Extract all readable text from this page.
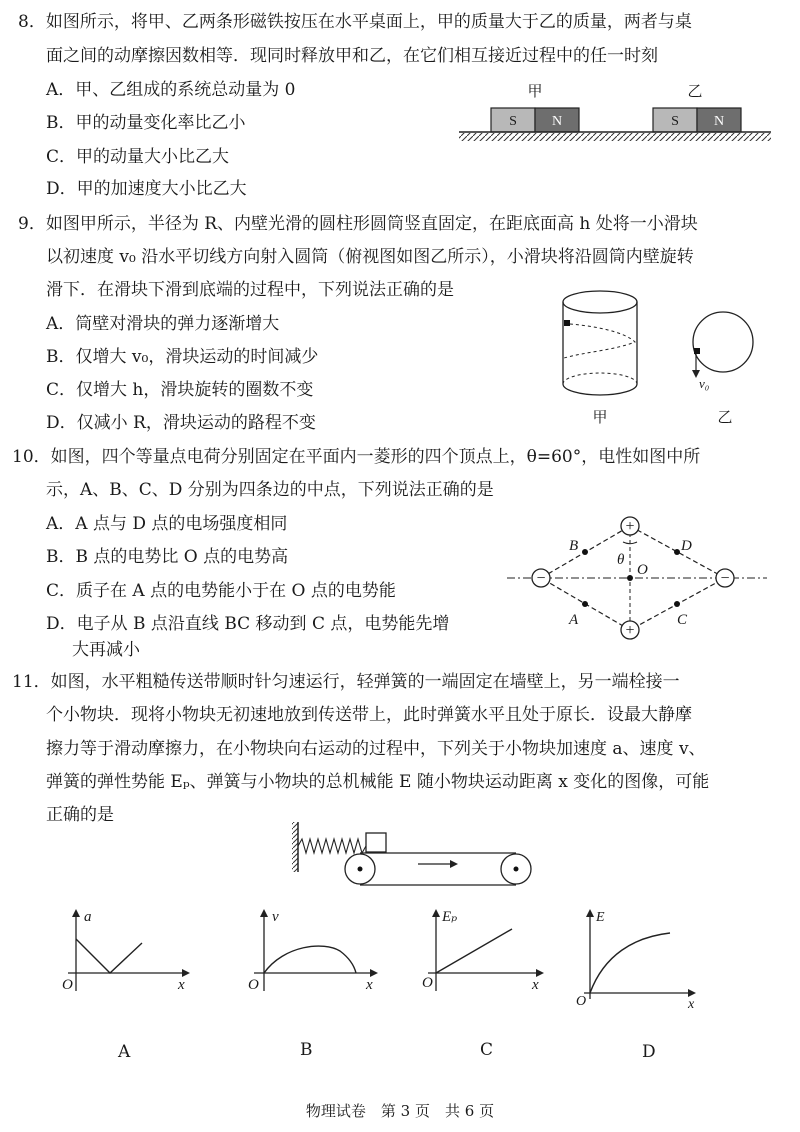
8．如图所示，将甲、乙两条形磁铁按压在水平桌面上，甲的质量大于乙的质量，两者与桌
面之间的动摩擦因数相等．现同时释放甲和乙，在它们相互接近过程中的任一时刻
A．甲、乙组成的系统总动量为 0
B．甲的动量变化率比乙小
C．甲的动量大小比乙大
D．甲的加速度大小比乙大
甲	乙
S	N	S	N
9．如图甲所示，半径为 R、内壁光滑的圆柱形圆筒竖直固定，在距底面高 h 处将一小滑块
以初速度 v₀ 沿水平切线方向射入圆筒（俯视图如图乙所示），小滑块将沿圆筒内壁旋转
滑下．在滑块下滑到底端的过程中，下列说法正确的是
A．筒壁对滑块的弹力逐渐增大
B．仅增大 v₀，滑块运动的时间减少
C．仅增大 h，滑块旋转的圈数不变
D．仅减小 R，滑块运动的路程不变	甲
v₀
乙
10．如图，四个等量点电荷分别固定在平面内一菱形的四个顶点上，θ=60°，电性如图中所
示，A、B、C、D 分别为四条边的中点，下列说法正确的是
A．A 点与 D 点的电场强度相同
B．B 点的电势比 O 点的电势高
C．质子在 A 点的电势能小于在 O 点的电势能
D．电子从 B 点沿直线 BC 移动到 C 点，电势能先增
大再减小
+
+
−	−
θ
B	D
A	C
O
11．如图，水平粗糙传送带顺时针匀速运行，轻弹簧的一端固定在墙壁上，另一端栓接一
个小物块．现将小物块无初速地放到传送带上，此时弹簧水平且处于原长．设最大静摩
擦力等于滑动摩擦力，在小物块向右运动的过程中，下列关于小物块加速度 a、速度 v、
弹簧的弹性势能 Eₚ、弹簧与小物块的总机械能 E 随小物块运动距离 x 变化的图像，可能
正确的是
a
O	x
A
v
O	x
B
Eₚ
O	x
C
E
O	x
D
物理试卷　第 3 页　共 6 页
